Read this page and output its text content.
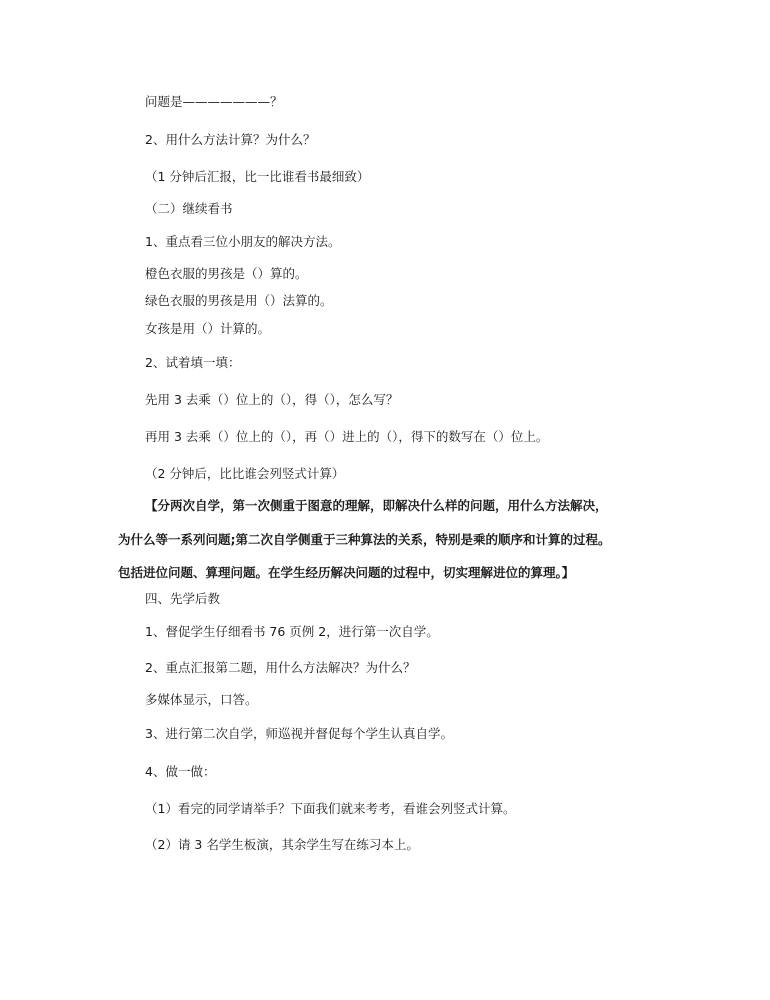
问题是———————？
2、用什么方法计算？为什么？
（1 分钟后汇报，比一比谁看书最细致）
（二）继续看书
1、重点看三位小朋友的解决方法。
橙色衣服的男孩是（）算的。
绿色衣服的男孩是用（）法算的。
女孩是用（）计算的。
2、试着填一填：
先用 3 去乘（）位上的（），得（），怎么写？
再用 3 去乘（）位上的（），再（）进上的（），得下的数写在（）位上。
（2 分钟后，比比谁会列竖式计算）
【分两次自学，第一次侧重于图意的理解，即解决什么样的问题，用什么方法解决，
为什么等一系列问题;第二次自学侧重于三种算法的关系，特别是乘的顺序和计算的过程。
包括进位问题、算理问题。在学生经历解决问题的过程中，切实理解进位的算理。】
四、先学后教
1、督促学生仔细看书 76 页例 2，进行第一次自学。
2、重点汇报第二题，用什么方法解决？为什么？
多媒体显示，口答。
3、进行第二次自学，师巡视并督促每个学生认真自学。
4、做一做：
（1）看完的同学请举手？下面我们就来考考，看谁会列竖式计算。
（2）请 3 名学生板演，其余学生写在练习本上。
